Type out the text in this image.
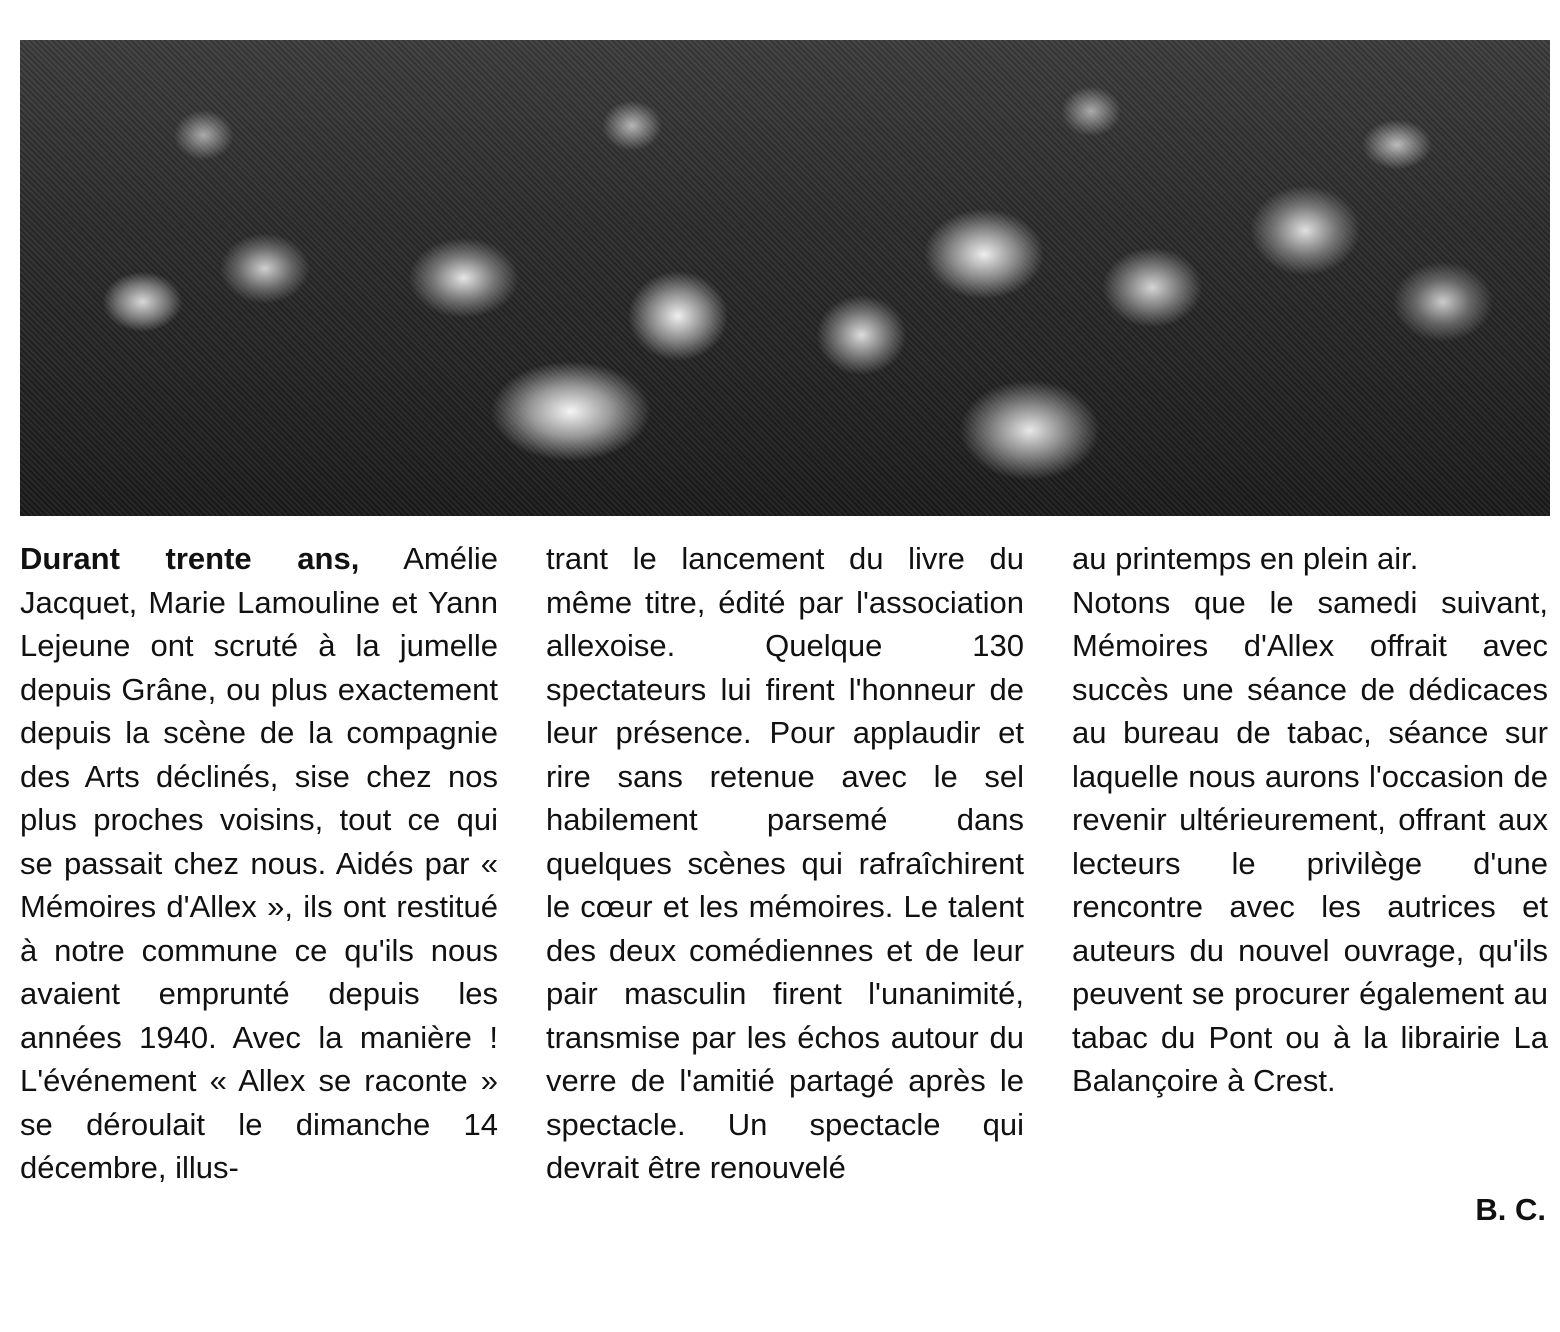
Durant trente ans, Amélie Jacquet, Marie Lamouline et Yann Lejeune ont scruté à la jumelle depuis Grâne, ou plus exactement depuis la scène de la compagnie des Arts déclinés, sise chez nos plus proches voisins, tout ce qui se passait chez nous. Aidés par « Mémoires d'Allex », ils ont restitué à notre commune ce qu'ils nous avaient emprunté depuis les années 1940. Avec la manière ! L'événement « Allex se raconte » se déroulait le dimanche 14 décembre, illus-

trant le lancement du livre du même titre, édité par l'association allexoise. Quelque 130 spectateurs lui firent l'honneur de leur présence. Pour applaudir et rire sans retenue avec le sel habilement parsemé dans quelques scènes qui rafraîchirent le cœur et les mémoires. Le talent des deux comédiennes et de leur pair masculin firent l'unanimité, transmise par les échos autour du verre de l'amitié partagé après le spectacle. Un spectacle qui devrait être renouvelé

au printemps en plein air.

Notons que le samedi suivant, Mémoires d'Allex offrait avec succès une séance de dédicaces au bureau de tabac, séance sur laquelle nous aurons l'occasion de revenir ultérieurement, offrant aux lecteurs le privilège d'une rencontre avec les autrices et auteurs du nouvel ouvrage, qu'ils peuvent se procurer également au tabac du Pont ou à la librairie La Balançoire à Crest.

B. C.
